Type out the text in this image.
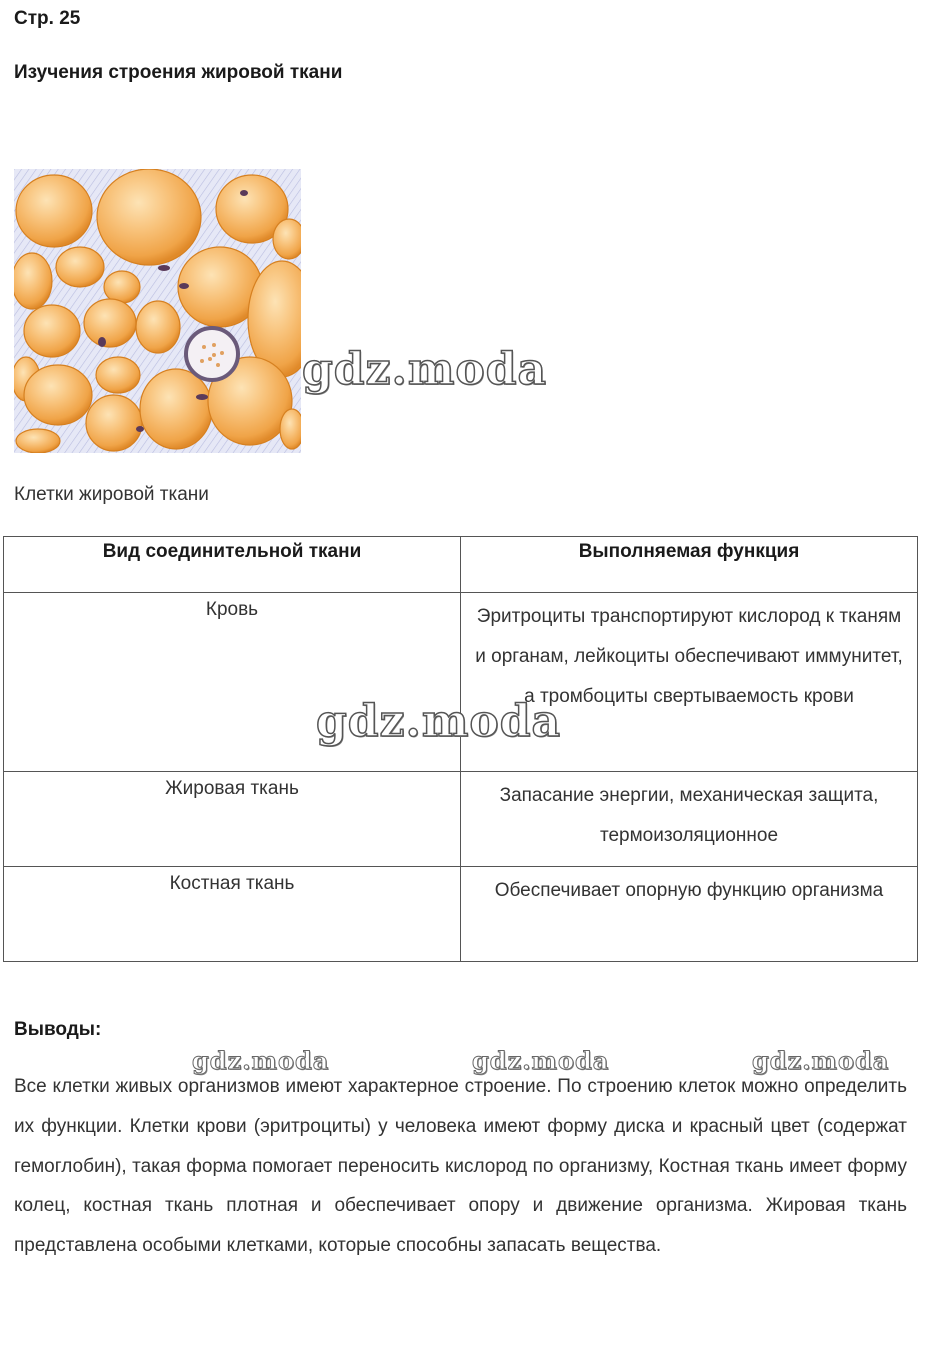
Стр. 25
Изучения строения жировой ткани
gdz.moda
Клетки жировой ткани
Вид соединительной ткани	Выполняемая функция
Кровь	Эритроциты транспортируют кислород к тканям и органам, лейкоциты обеспечивают иммунитет, а тромбоциты свертываемость крови
Жировая ткань	Запасание энергии, механическая защита, термоизоляционное
Костная ткань	Обеспечивает опорную функцию организма
gdz.moda
Выводы:
gdz.moda	gdz.moda	gdz.moda
Все клетки живых организмов имеют характерное строение. По строению клеток можно определить их функции. Клетки крови (эритроциты) у человека имеют форму диска и красный цвет (содержат гемоглобин), такая форма помогает переносить кислород по организму, Костная ткань имеет форму колец, костная ткань плотная и обеспечивает опору и движение организма. Жировая ткань представлена особыми клетками, которые способны запасать вещества.
